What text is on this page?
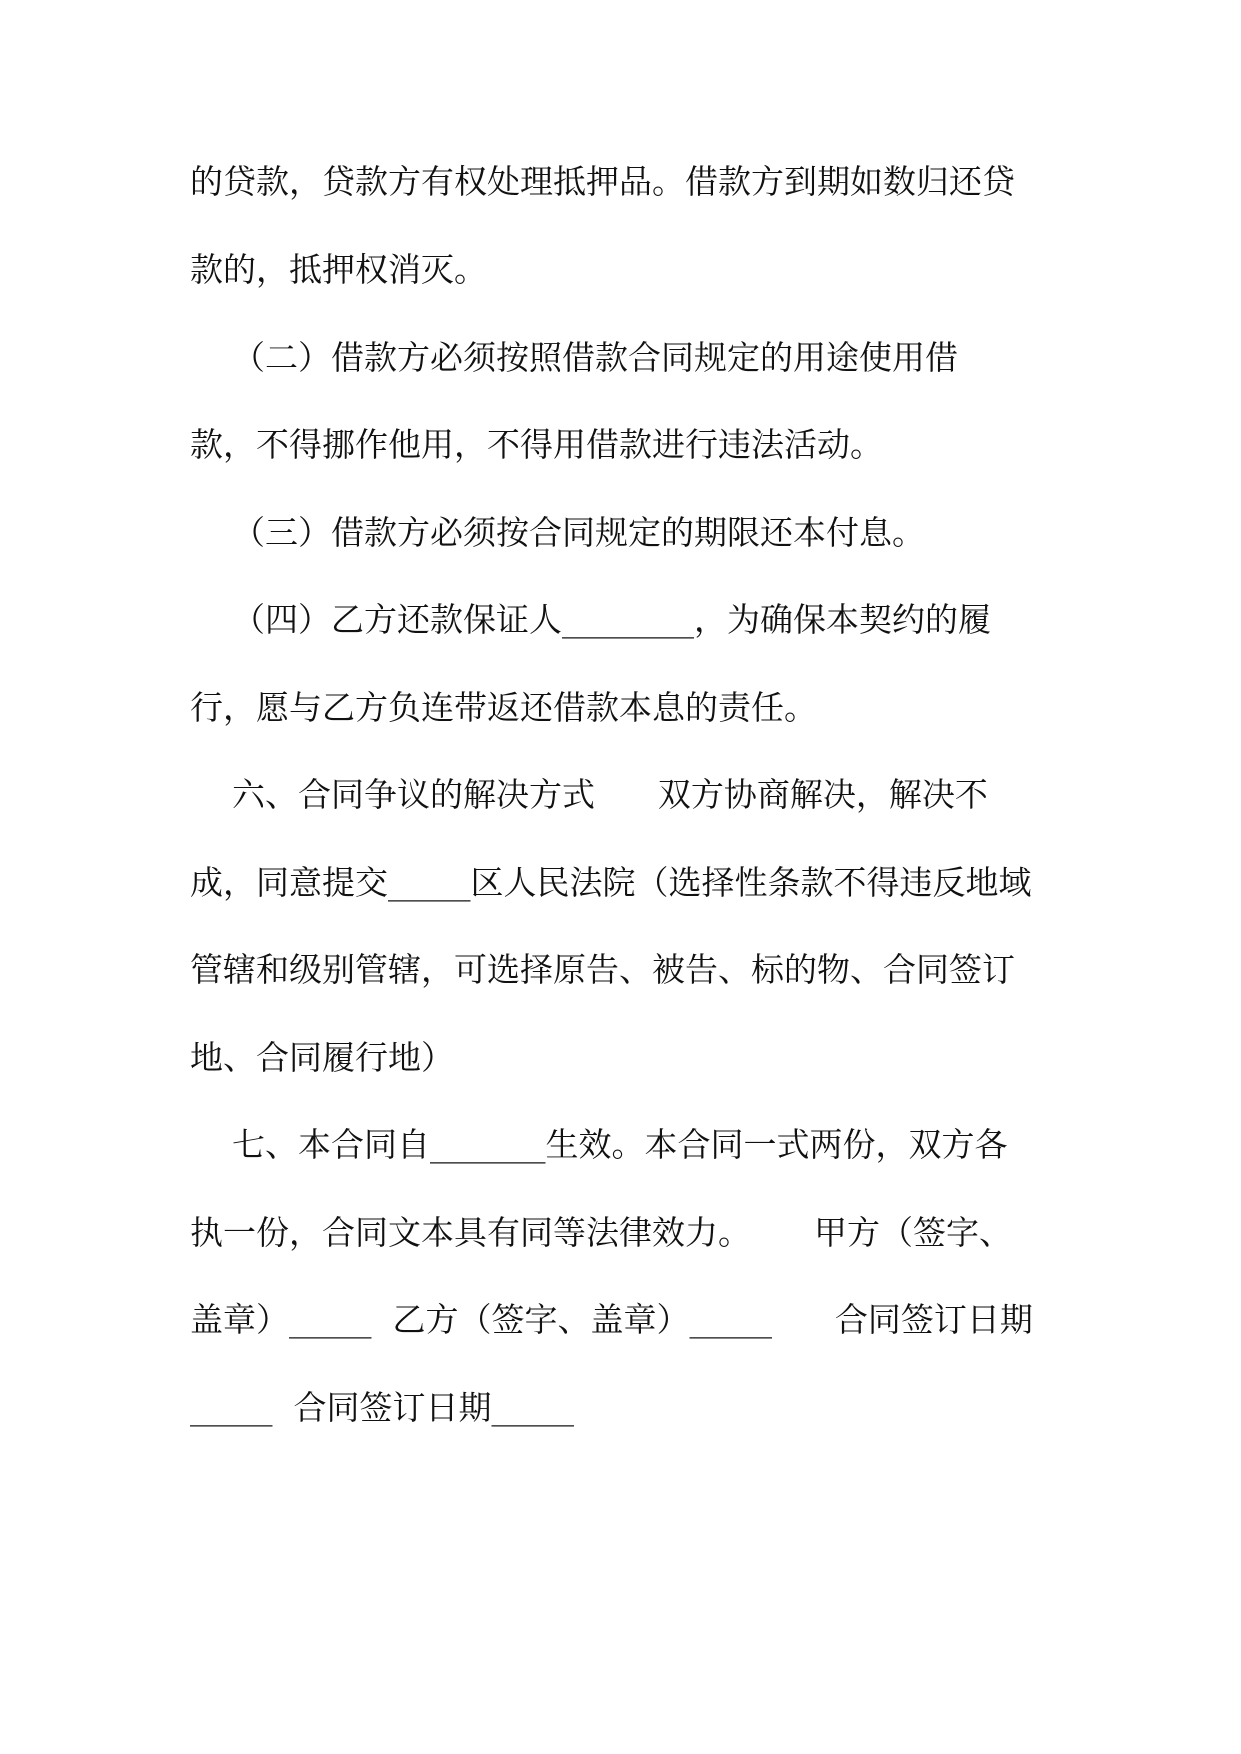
的贷款，贷款方有权处理抵押品。借款方到期如数归还贷
款的，抵押权消灭。
（二）借款方必须按照借款合同规定的用途使用借
款，不得挪作他用，不得用借款进行违法活动。
（三）借款方必须按合同规定的期限还本付息。
（四）乙方还款保证人________，为确保本契约的履
行，愿与乙方负连带返还借款本息的责任。
六、合同争议的解决方式      双方协商解决，解决不
成，同意提交_____区人民法院（选择性条款不得违反地域
管辖和级别管辖，可选择原告、被告、标的物、合同签订
地、合同履行地）
七、本合同自_______生效。本合同一式两份，双方各
执一份，合同文本具有同等法律效力。      甲方（签字、
盖章）_____  乙方（签字、盖章）_____      合同签订日期
_____  合同签订日期_____
